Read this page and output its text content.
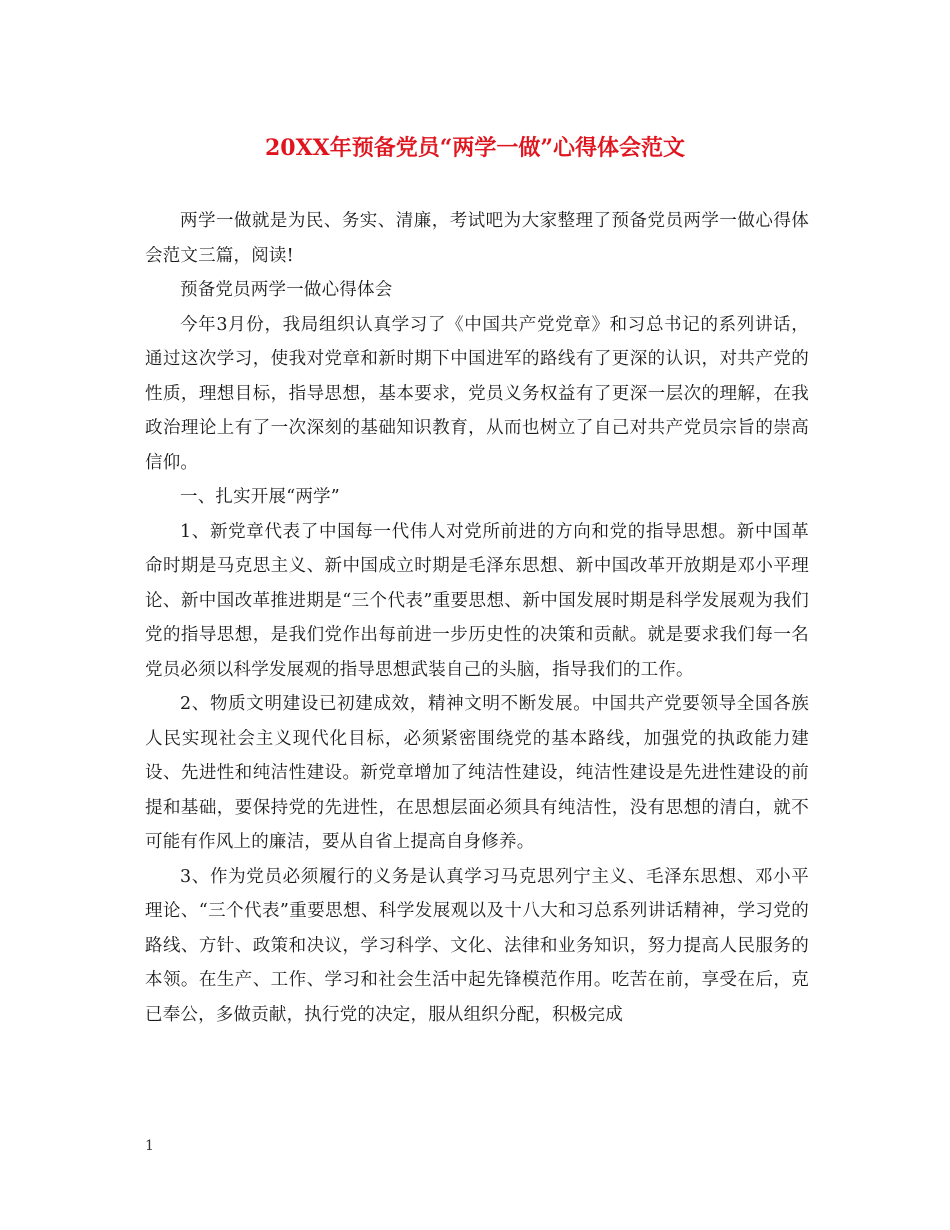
20XX年预备党员“两学一做”心得体会范文

两学一做就是为民、务实、清廉，考试吧为大家整理了预备党员两学一做心得体会范文三篇，阅读!

预备党员两学一做心得体会

今年3月份，我局组织认真学习了《中国共产党党章》和习总书记的系列讲话，通过这次学习，使我对党章和新时期下中国进军的路线有了更深的认识，对共产党的性质，理想目标，指导思想，基本要求，党员义务权益有了更深一层次的理解，在我政治理论上有了一次深刻的基础知识教育，从而也树立了自己对共产党员宗旨的崇高信仰。

一、扎实开展“两学”

1、新党章代表了中国每一代伟人对党所前进的方向和党的指导思想。新中国革命时期是马克思主义、新中国成立时期是毛泽东思想、新中国改革开放期是邓小平理论、新中国改革推进期是“三个代表”重要思想、新中国发展时期是科学发展观为我们党的指导思想，是我们党作出每前进一步历史性的决策和贡献。就是要求我们每一名党员必须以科学发展观的指导思想武装自己的头脑，指导我们的工作。

2、物质文明建设已初建成效，精神文明不断发展。中国共产党要领导全国各族人民实现社会主义现代化目标，必须紧密围绕党的基本路线，加强党的执政能力建设、先进性和纯洁性建设。新党章增加了纯洁性建设，纯洁性建设是先进性建设的前提和基础，要保持党的先进性，在思想层面必须具有纯洁性，没有思想的清白，就不可能有作风上的廉洁，要从自省上提高自身修养。

3、作为党员必须履行的义务是认真学习马克思列宁主义、毛泽东思想、邓小平理论、“三个代表”重要思想、科学发展观以及十八大和习总系列讲话精神，学习党的路线、方针、政策和决议，学习科学、文化、法律和业务知识，努力提高人民服务的本领。在生产、工作、学习和社会生活中起先锋模范作用。吃苦在前，享受在后，克已奉公，多做贡献，执行党的决定，服从组织分配，积极完成

1
